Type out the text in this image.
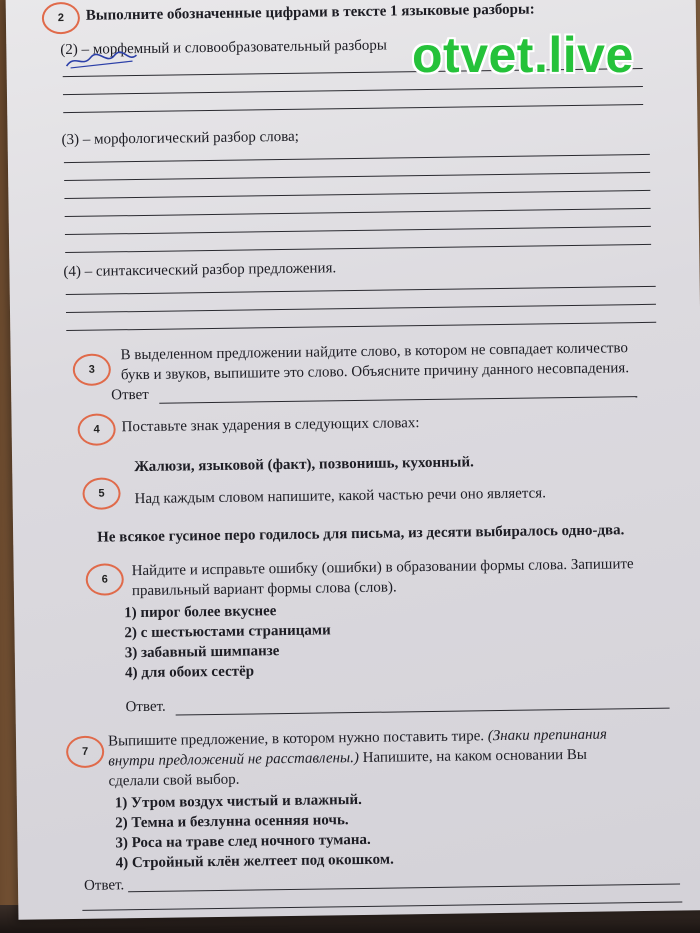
2 Выполните обозначенные цифрами в тексте 1 языковые разборы:
(2) – морфемный и словообразовательный разборы
(3) – морфологический разбор слова;
(4) – синтаксический разбор предложения.
3
В выделенном предложении найдите слово, в котором не совпадает количество
букв и звуков, выпишите это слово. Объясните причину данного несовпадения.
Ответ
4 Поставьте знак ударения в следующих словах:
Жалюзи, языковой (факт), позвонишь, кухонный.
5 Над каждым словом напишите, какой частью речи оно является.
Не всякое гусиное перо годилось для письма, из десяти выбиралось одно-два.
6
Найдите и исправьте ошибку (ошибки) в образовании формы слова. Запишите
правильный вариант формы слова (слов).
1) пирог более вкуснее
2) с шестьюстами страницами
3) забавный шимпанзе
4) для обоих сестёр
Ответ.
7
Выпишите предложение, в котором нужно поставить тире. (Знаки препинания
внутри предложений не расставлены.) Напишите, на каком основании Вы
сделали свой выбор.
1) Утром воздух чистый и влажный.
2) Темна и безлунна осенняя ночь.
3) Роса на траве след ночного тумана.
4) Стройный клён желтеет под окошком.
Ответ.
otvet.live
